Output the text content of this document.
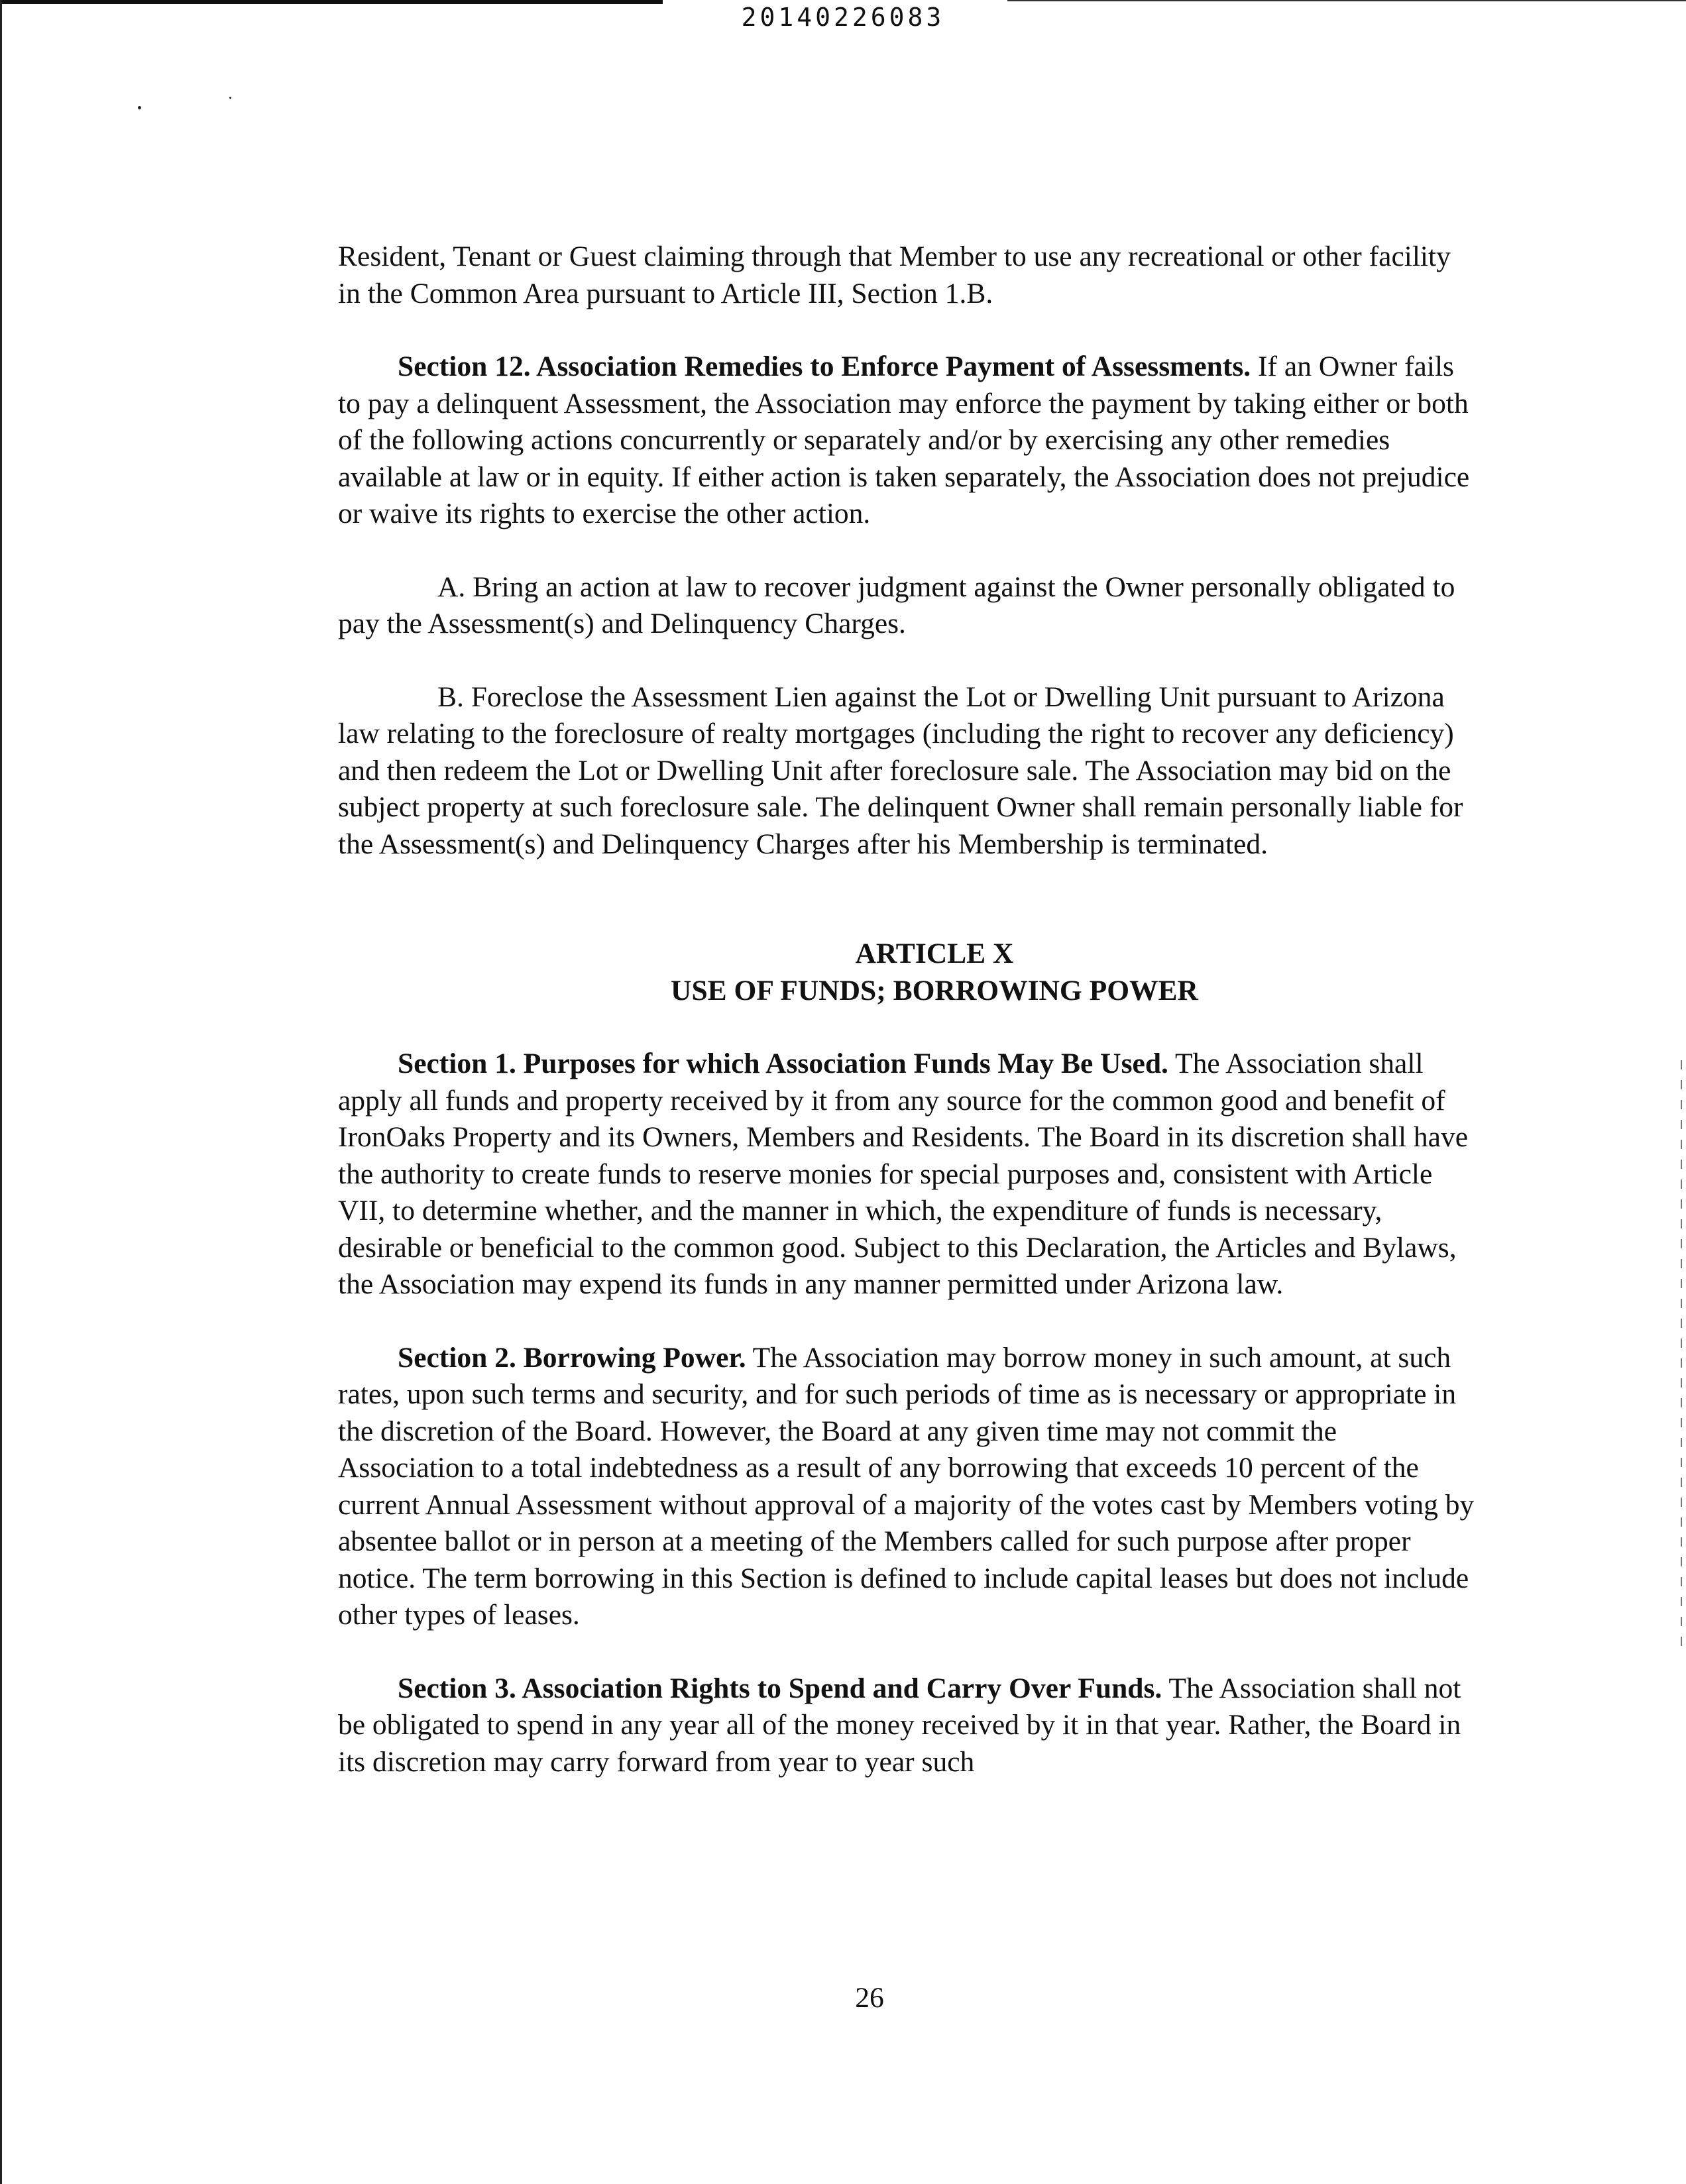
20140226083

Resident, Tenant or Guest claiming through that Member to use any recreational or other facility in the Common Area pursuant to Article III, Section 1.B.

Section 12. Association Remedies to Enforce Payment of Assessments. If an Owner fails to pay a delinquent Assessment, the Association may enforce the payment by taking either or both of the following actions concurrently or separately and/or by exercising any other remedies available at law or in equity. If either action is taken separately, the Association does not prejudice or waive its rights to exercise the other action.

A. Bring an action at law to recover judgment against the Owner personally obligated to pay the Assessment(s) and Delinquency Charges.

B. Foreclose the Assessment Lien against the Lot or Dwelling Unit pursuant to Arizona law relating to the foreclosure of realty mortgages (including the right to recover any deficiency) and then redeem the Lot or Dwelling Unit after foreclosure sale. The Association may bid on the subject property at such foreclosure sale. The delinquent Owner shall remain personally liable for the Assessment(s) and Delinquency Charges after his Membership is terminated.

ARTICLE X
USE OF FUNDS; BORROWING POWER

Section 1. Purposes for which Association Funds May Be Used. The Association shall apply all funds and property received by it from any source for the common good and benefit of IronOaks Property and its Owners, Members and Residents. The Board in its discretion shall have the authority to create funds to reserve monies for special purposes and, consistent with Article VII, to determine whether, and the manner in which, the expenditure of funds is necessary, desirable or beneficial to the common good. Subject to this Declaration, the Articles and Bylaws, the Association may expend its funds in any manner permitted under Arizona law.

Section 2. Borrowing Power. The Association may borrow money in such amount, at such rates, upon such terms and security, and for such periods of time as is necessary or appropriate in the discretion of the Board. However, the Board at any given time may not commit the Association to a total indebtedness as a result of any borrowing that exceeds 10 percent of the current Annual Assessment without approval of a majority of the votes cast by Members voting by absentee ballot or in person at a meeting of the Members called for such purpose after proper notice. The term borrowing in this Section is defined to include capital leases but does not include other types of leases.

Section 3. Association Rights to Spend and Carry Over Funds. The Association shall not be obligated to spend in any year all of the money received by it in that year. Rather, the Board in its discretion may carry forward from year to year such

26
